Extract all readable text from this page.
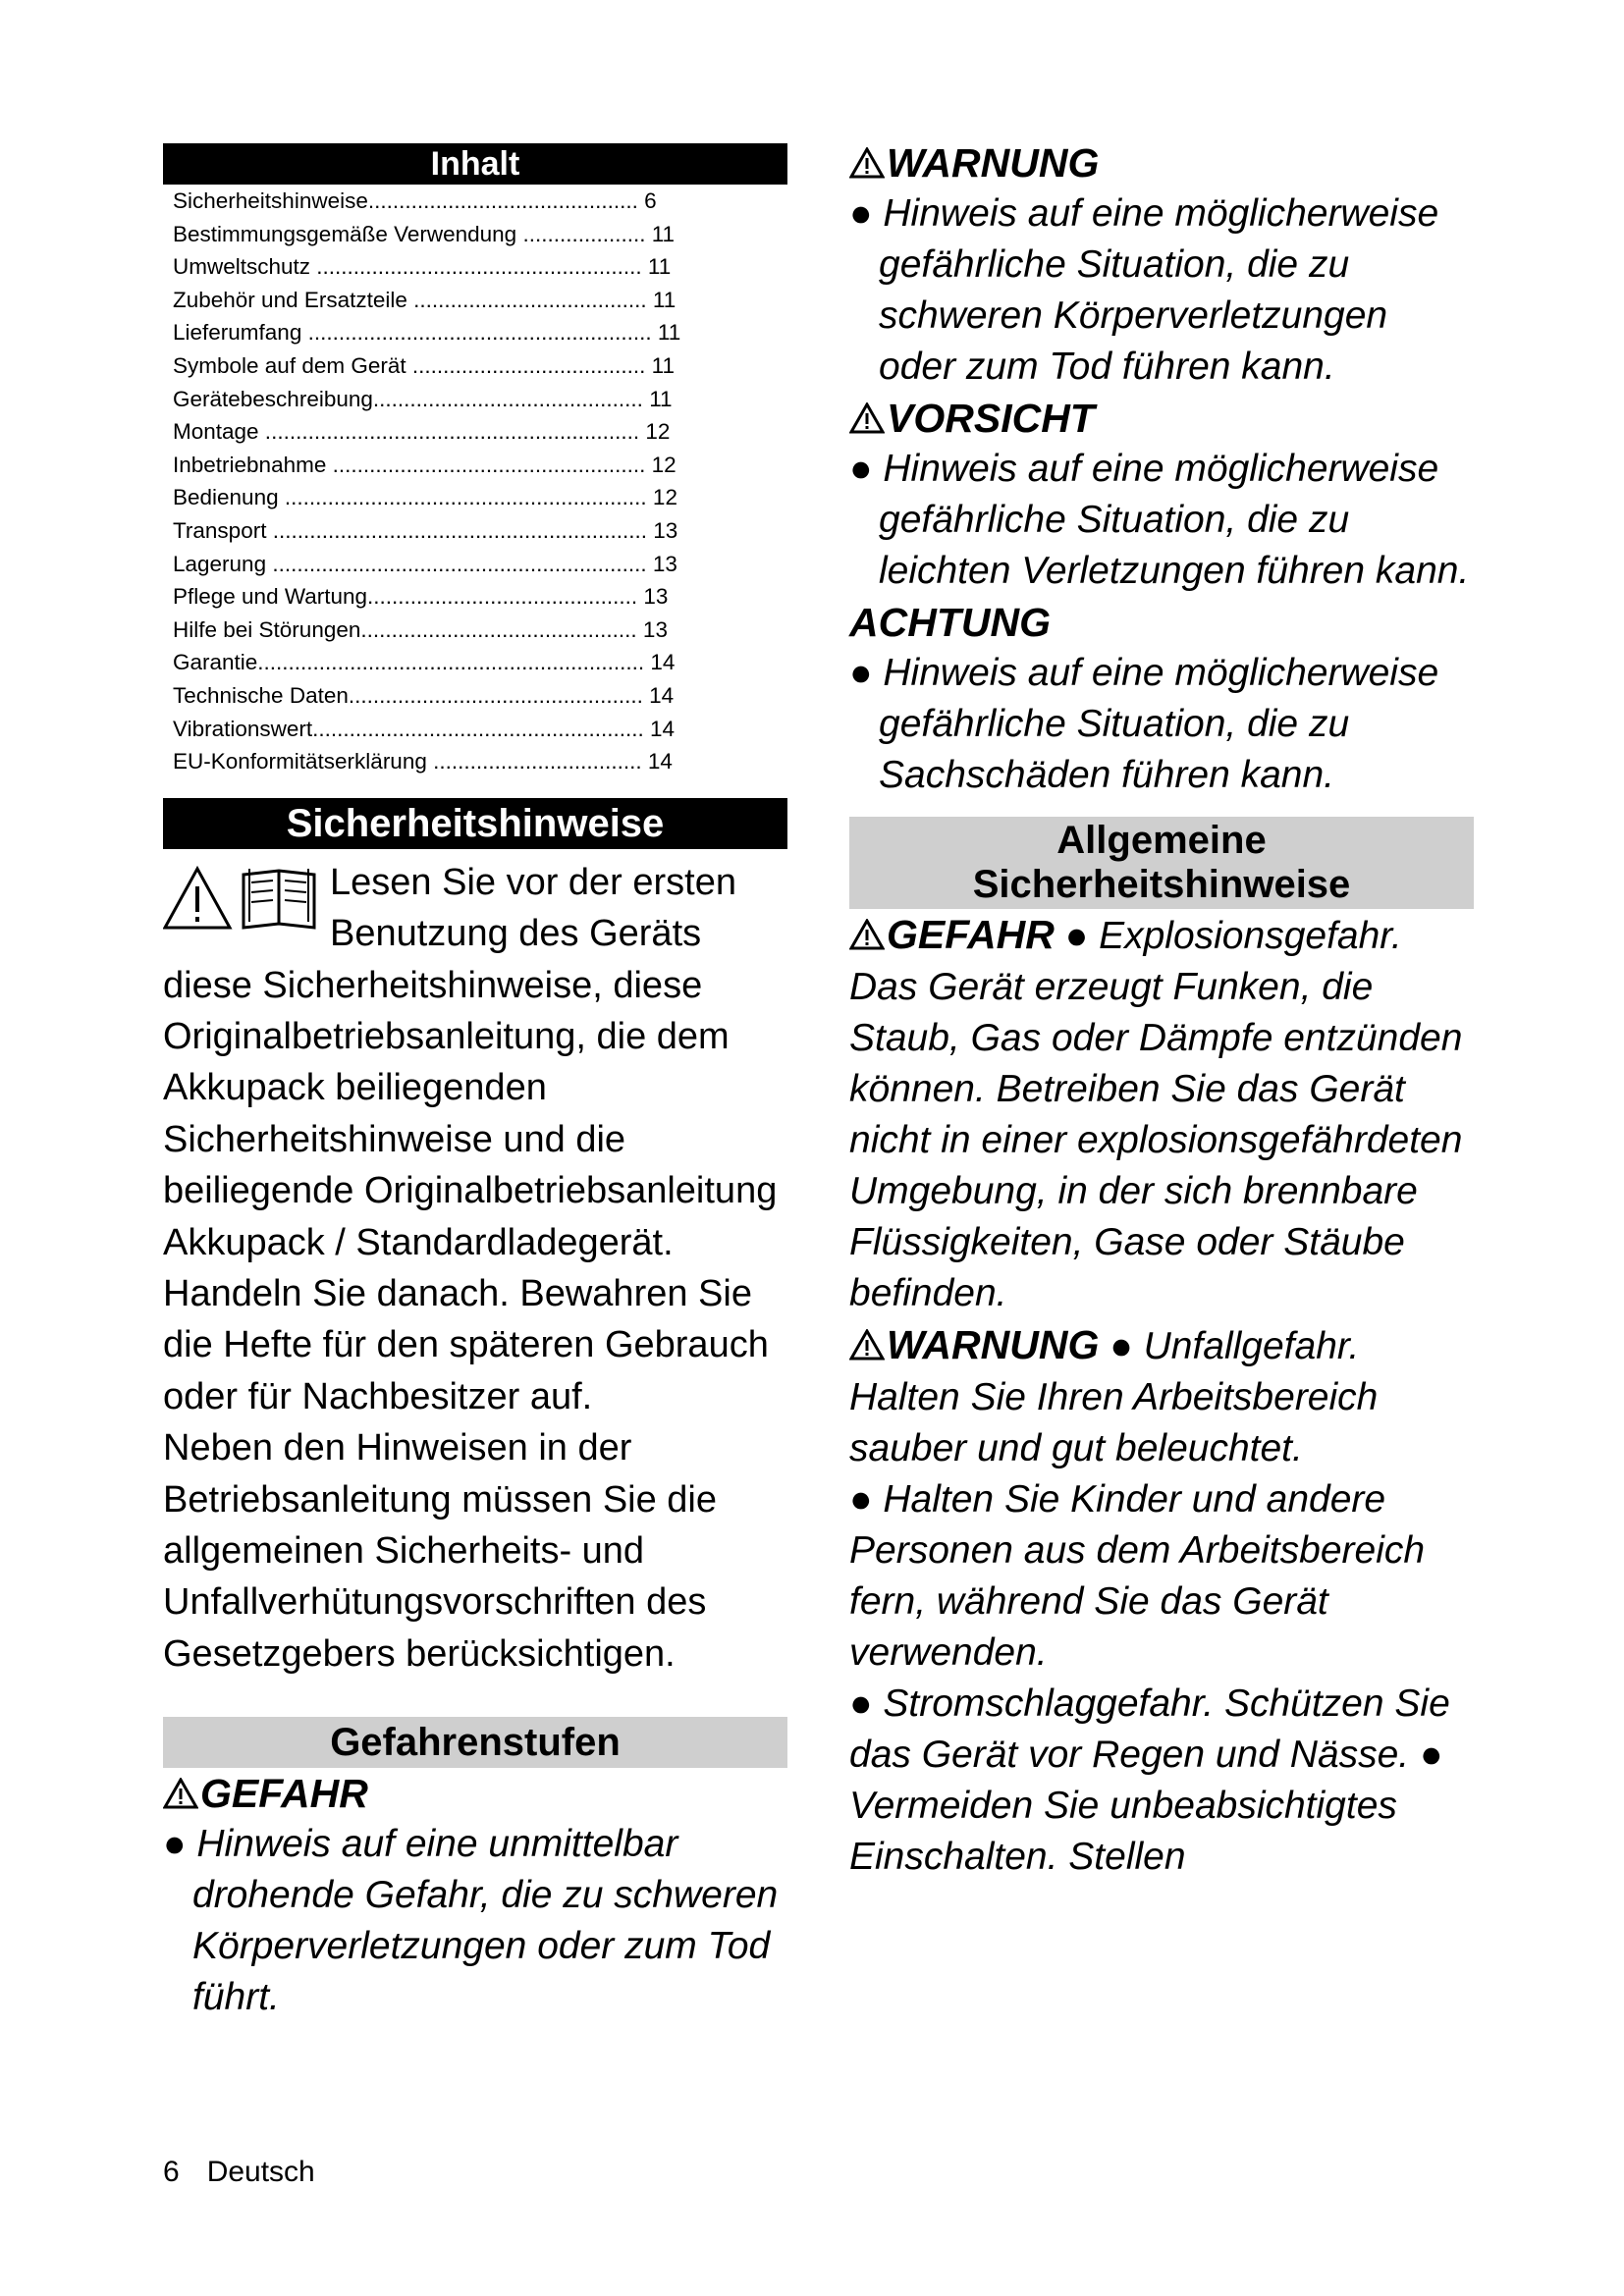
Inhalt
Sicherheitshinweise............................................ 6
Bestimmungsgemäße Verwendung .................... 11
Umweltschutz ..................................................... 11
Zubehör und Ersatzteile ...................................... 11
Lieferumfang ........................................................ 11
Symbole auf dem Gerät ...................................... 11
Gerätebeschreibung............................................ 11
Montage ............................................................. 12
Inbetriebnahme ................................................... 12
Bedienung ........................................................... 12
Transport ............................................................. 13
Lagerung ............................................................. 13
Pflege und Wartung............................................ 13
Hilfe bei Störungen............................................. 13
Garantie............................................................... 14
Technische Daten................................................ 14
Vibrationswert...................................................... 14
EU-Konformitätserklärung .................................. 14
Sicherheitshinweise
Lesen Sie vor der ersten Benutzung des Geräts diese Sicherheitshinweise, diese Originalbetriebsanleitung, die dem Akkupack beiliegenden Sicherheitshinweise und die beiliegende Originalbetriebsanleitung Akkupack / Standardladegerät. Handeln Sie danach. Bewahren Sie die Hefte für den späteren Gebrauch oder für Nachbesitzer auf.
Neben den Hinweisen in der Betriebsanleitung müssen Sie die allgemeinen Sicherheits- und Unfallverhütungsvorschriften des Gesetzgebers berücksichtigen.
Gefahrenstufen
GEFAHR
● Hinweis auf eine unmittelbar drohende Gefahr, die zu schweren Körperverletzungen oder zum Tod führt.
WARNUNG
● Hinweis auf eine möglicherweise gefährliche Situation, die zu schweren Körperverletzungen oder zum Tod führen kann.
VORSICHT
● Hinweis auf eine möglicherweise gefährliche Situation, die zu leichten Verletzungen führen kann.
ACHTUNG
● Hinweis auf eine möglicherweise gefährliche Situation, die zu Sachschäden führen kann.
Allgemeine
Sicherheitshinweise
GEFAHR ● Explosionsgefahr. Das Gerät erzeugt Funken, die Staub, Gas oder Dämpfe entzünden können. Betreiben Sie das Gerät nicht in einer explosionsgefährdeten Umgebung, in der sich brennbare Flüssigkeiten, Gase oder Stäube befinden.
WARNUNG ● Unfallgefahr. Halten Sie Ihren Arbeitsbereich sauber und gut beleuchtet.
● Halten Sie Kinder und andere Personen aus dem Arbeitsbereich fern, während Sie das Gerät verwenden.
● Stromschlaggefahr. Schützen Sie das Gerät vor Regen und Nässe. ● Vermeiden Sie unbeabsichtigtes Einschalten. Stellen
6 Deutsch
